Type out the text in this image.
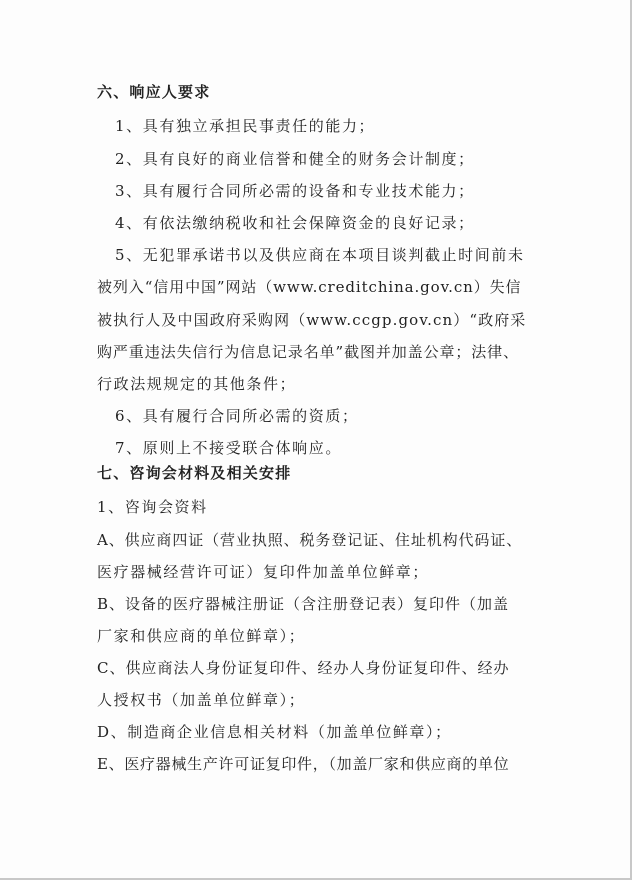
六、响应人要求
1、具有独立承担民事责任的能力；
2、具有良好的商业信誉和健全的财务会计制度；
3、具有履行合同所必需的设备和专业技术能力；
4、有依法缴纳税收和社会保障资金的良好记录；
5、无犯罪承诺书以及供应商在本项目谈判截止时间前未
被列入“信用中国”网站（www.creditchina.gov.cn）失信
被执行人及中国政府采购网（www.ccgp.gov.cn）“政府采
购严重违法失信行为信息记录名单”截图并加盖公章；法律、
行政法规规定的其他条件；
6、具有履行合同所必需的资质；
7、原则上不接受联合体响应。
七、咨询会材料及相关安排
1、咨询会资料
A、供应商四证（营业执照、税务登记证、住址机构代码证、
医疗器械经营许可证）复印件加盖单位鲜章；
B、设备的医疗器械注册证（含注册登记表）复印件（加盖
厂家和供应商的单位鲜章）；
C、供应商法人身份证复印件、经办人身份证复印件、经办
人授权书（加盖单位鲜章）；
D、制造商企业信息相关材料（加盖单位鲜章）；
E、医疗器械生产许可证复印件，（加盖厂家和供应商的单位
